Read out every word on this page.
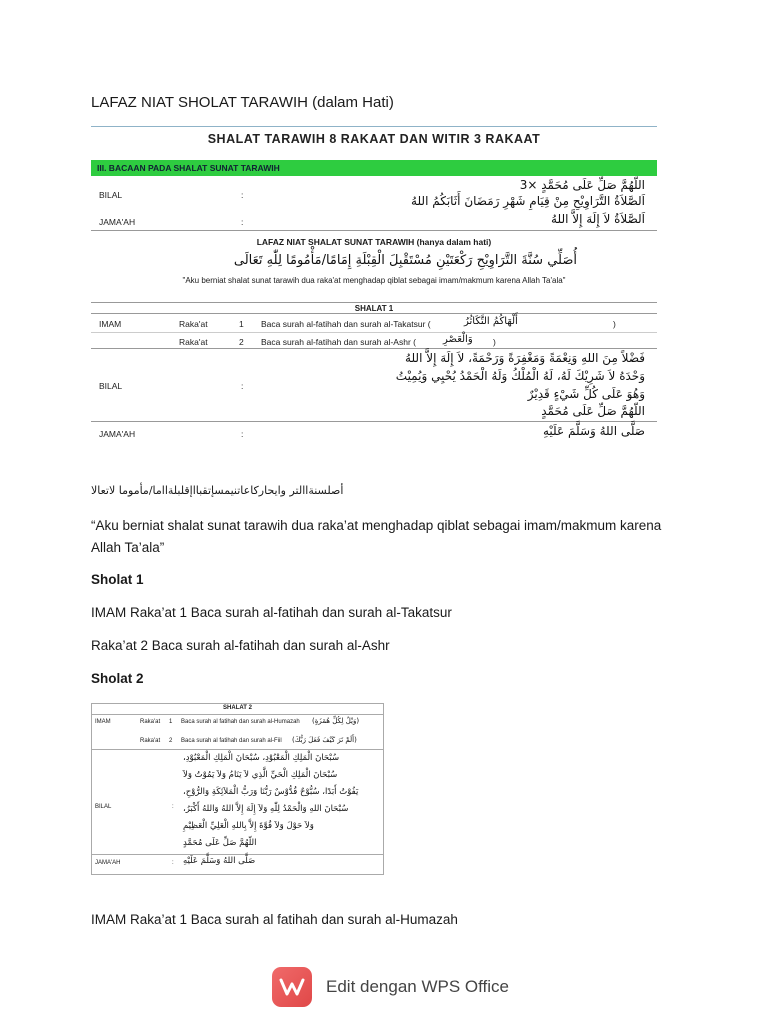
LAFAZ NIAT SHOLAT TARAWIH (dalam Hati)
SHALAT TARAWIH 8 RAKAAT DAN WITIR 3 RAKAAT
III. BACAAN PADA SHALAT SUNAT TARAWIH
BILAL	:
اللّهُمَّ صَلِّ عَلَى مُحَمَّدٍ ×3
اَلصَّلاَةُ التَّرَاوِيْحِ مِنْ قِيَامِ شَهْرِ رَمَضَانَ أَثَابَكُمُ اللهُ
JAMA'AH	:	اَلصَّلاَةُ لاَ إِلَهَ إِلاَّ اللهُ
LAFAZ NIAT SHALAT SUNAT TARAWIH (hanya dalam hati)
أُصَلِّي سُنَّةَ التَّرَاوِيْحِ رَكْعَتَيْنِ مُسْتَقْبِلَ الْقِبْلَةِ إِمَامًا/مَأْمُومًا لِلّٰهِ تَعَالَى
"Aku berniat shalat sunat tarawih dua raka'at menghadap qiblat sebagai imam/makmum karena Allah Ta'ala"
SHALAT 1
IMAM	Raka'at	1 Baca surah al-fatihah dan surah al-Takatsur (	أَلْهَاكُمُ التَّكَاثُرُ	)
Raka'at	2 Baca surah al-fatihah dan surah al-Ashr (	وَالْعَصْرِ )
BILAL	:
فَضْلاً مِنَ اللهِ وَنِعْمَةً وَمَغْفِرَةً وَرَحْمَةً، لاَ إِلَهَ إِلاَّ اللهُ
وَحْدَهُ لاَ شَرِيْكَ لَهُ، لَهُ الْمُلْكُ وَلَهُ الْحَمْدُ يُحْيِي وَيُمِيْتُ
وَهُوَ عَلَى كُلِّ شَيْءٍ قَدِيْرٌ
اللّهُمَّ صَلِّ عَلَى مُحَمَّدٍ
JAMA'AH	:	صَلَّى اللهُ وَسَلَّمَ عَلَيْهِ
أصلسنةاالتر وايحاركاعاتنيمسإتقبااإقلبلةااما/مأموما لاتعالا
“Aku berniat shalat sunat tarawih dua raka’at menghadap qiblat sebagai imam/makmum karena Allah Ta’ala”
Sholat 1
IMAM Raka’at 1 Baca surah al-fatihah dan surah al-Takatsur
Raka’at 2 Baca surah al-fatihah dan surah al-Ashr
Sholat 2
SHALAT 2
IMAM	Raka'at 1 Baca surah al fatihah dan surah al-Humazah (وَيْلٌ لِكُلِّ هُمَزَةٍ)
Raka'at 2 Baca surah al fatihah dan surah al-Fiil (أَلَمْ تَرَ كَيْفَ فَعَلَ رَبُّكَ)
BILAL	:
سُبْحَانَ الْمَلِكِ الْمَعْبُوْدِ، سُبْحَانَ الْمَلِكِ الْمَعْبُوْدِ،
سُبْحَانَ الْمَلِكِ الْحَيِّ الَّذِي لاَ يَنَامُ وَلاَ يَمُوْتُ وَلاَ
يَفُوْتُ أَبَدًا، سُبُّوْحٌ قُدُّوْسٌ رَبُّنَا وَرَبُّ الْمَلاَئِكَةِ وَالرُّوْحِ،
سُبْحَانَ اللهِ وَالْحَمْدُ لِلّٰهِ وَلاَ إِلَهَ إِلاَّ اللهُ وَاللهُ أَكْبَرُ،
وَلاَ حَوْلَ وَلاَ قُوَّةَ إِلاَّ بِاللهِ الْعَلِيِّ الْعَظِيْمِ
اللّهُمَّ صَلِّ عَلَى مُحَمَّدٍ
JAMA'AH	: صَلَّى اللهُ وَسَلَّمَ عَلَيْهِ
IMAM Raka’at 1 Baca surah al fatihah dan surah al-Humazah
Edit dengan WPS Office
